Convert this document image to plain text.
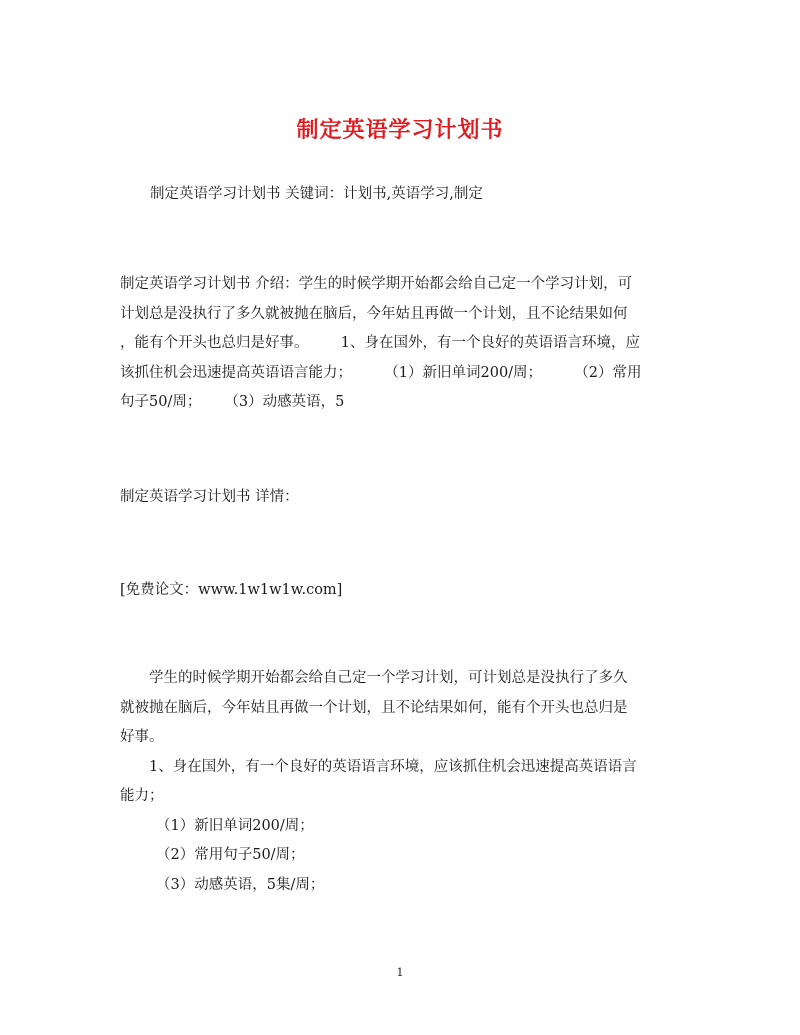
制定英语学习计划书

制定英语学习计划书 关键词：计划书,英语学习,制定

制定英语学习计划书 介绍：学生的时候学期开始都会给自己定一个学习计划，可
计划总是没执行了多久就被抛在脑后，今年姑且再做一个计划，且不论结果如何
，能有个开头也总归是好事。       1、身在国外，有一个良好的英语语言环境，应
该抓住机会迅速提高英语语言能力；       （1）新旧单词200/周；       （2）常用
句子50/周；     （3）动感英语，5

制定英语学习计划书 详情：

[免费论文：www.1w1w1w.com]

学生的时候学期开始都会给自己定一个学习计划，可计划总是没执行了多久
就被抛在脑后，今年姑且再做一个计划，且不论结果如何，能有个开头也总归是
好事。
1、身在国外，有一个良好的英语语言环境，应该抓住机会迅速提高英语语言
能力；
（1）新旧单词200/周；
（2）常用句子50/周；
（3）动感英语，5集/周；

1
